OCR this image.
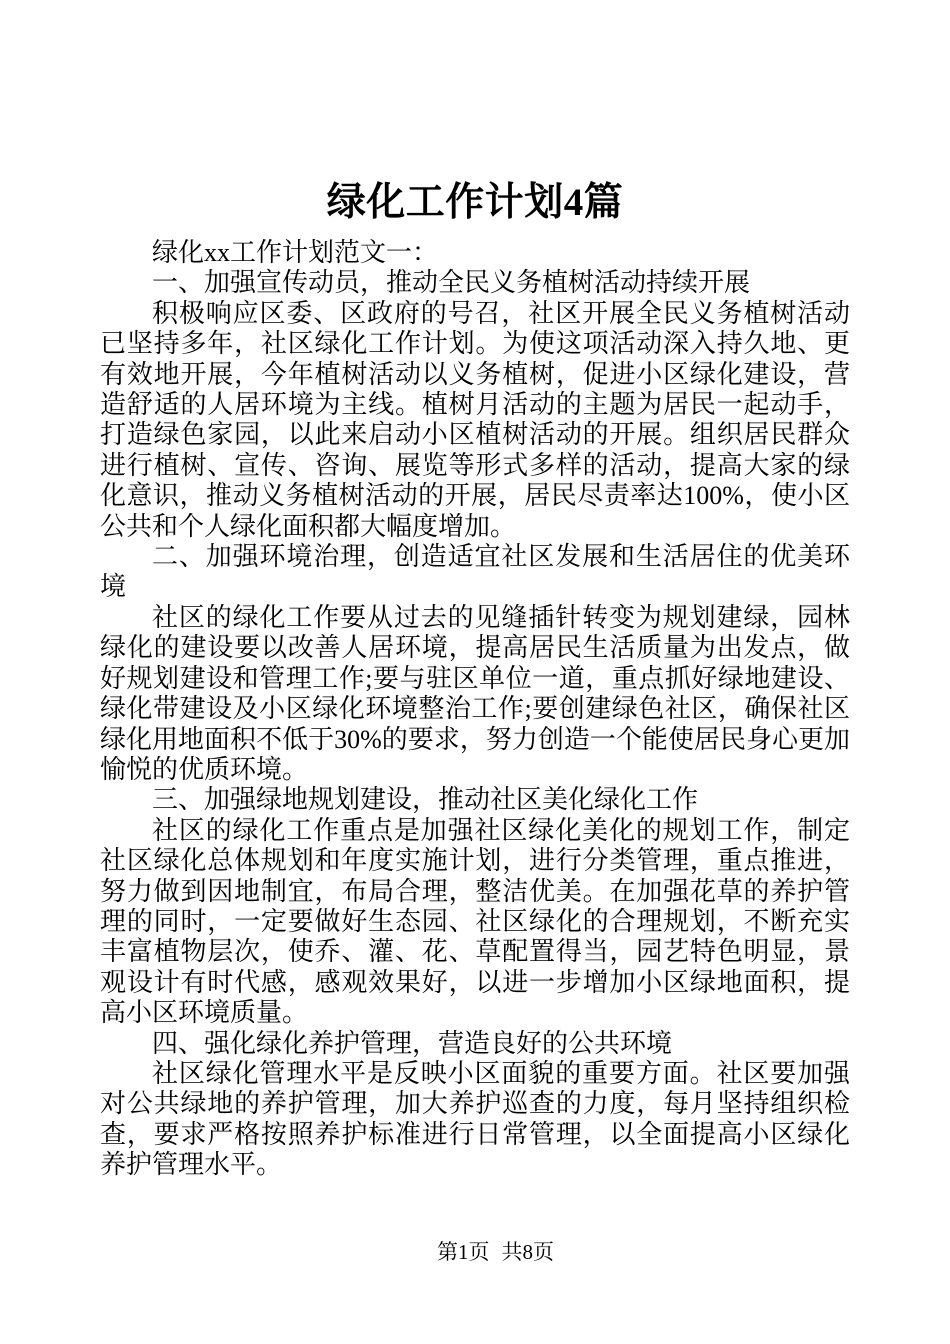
绿化工作计划4篇

绿化xx工作计划范文一：

一、加强宣传动员，推动全民义务植树活动持续开展

积极响应区委、区政府的号召，社区开展全民义务植树活动已坚持多年，社区绿化工作计划。为使这项活动深入持久地、更有效地开展，今年植树活动以义务植树，促进小区绿化建设，营造舒适的人居环境为主线。植树月活动的主题为居民一起动手，打造绿色家园，以此来启动小区植树活动的开展。组织居民群众进行植树、宣传、咨询、展览等形式多样的活动，提高大家的绿化意识，推动义务植树活动的开展，居民尽责率达100%，使小区公共和个人绿化面积都大幅度增加。

二、加强环境治理，创造适宜社区发展和生活居住的优美环境

社区的绿化工作要从过去的见缝插针转变为规划建绿，园林绿化的建设要以改善人居环境，提高居民生活质量为出发点，做好规划建设和管理工作;要与驻区单位一道，重点抓好绿地建设、绿化带建设及小区绿化环境整治工作;要创建绿色社区，确保社区绿化用地面积不低于30%的要求，努力创造一个能使居民身心更加愉悦的优质环境。

三、加强绿地规划建设，推动社区美化绿化工作

社区的绿化工作重点是加强社区绿化美化的规划工作，制定社区绿化总体规划和年度实施计划，进行分类管理，重点推进，努力做到因地制宜，布局合理，整洁优美。在加强花草的养护管理的同时，一定要做好生态园、社区绿化的合理规划，不断充实丰富植物层次，使乔、灌、花、草配置得当，园艺特色明显，景观设计有时代感，感观效果好，以进一步增加小区绿地面积，提高小区环境质量。

四、强化绿化养护管理，营造良好的公共环境

社区绿化管理水平是反映小区面貌的重要方面。社区要加强对公共绿地的养护管理，加大养护巡查的力度，每月坚持组织检查，要求严格按照养护标准进行日常管理，以全面提高小区绿化养护管理水平。

第1页 共8页
